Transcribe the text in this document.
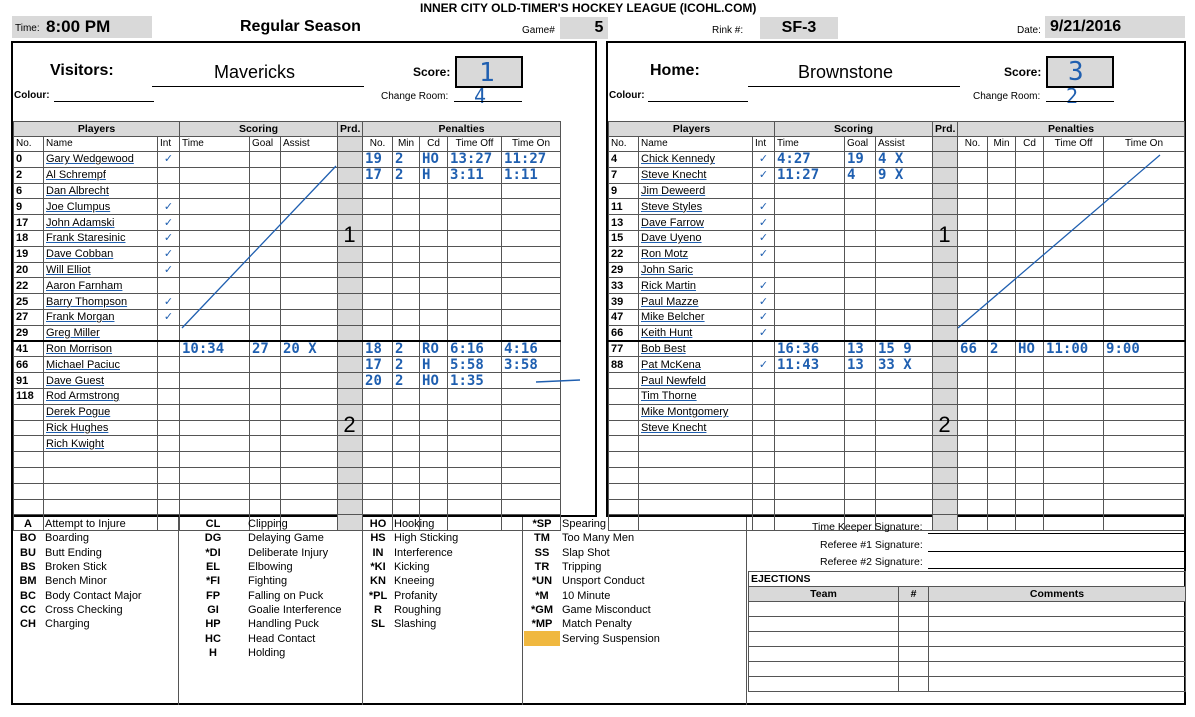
INNER CITY OLD-TIMER'S HOCKEY LEAGUE (ICOHL.COM)
Time: 8:00 PM	Regular Season	Game#	5	Rink #:	SF-3	Date: 9/21/2016
Visitors:	Mavericks
Colour:
Score: 1
Change Room: 4
Home:	Brownstone
Colour:
Score: 3
Change Room: 2
Players			Scoring			Prd.	Penalties				
No.	Name	Int	Time	Goal	Assist		No.	Min	Cd	Time Off	Time On
0	Gary Wedgewood	✓					19	2	HO	13:27	11:27
2	Al Schrempf						17	2	H	3:11	1:11
6	Dan Albrecht										
9	Joe Clumpus	✓									
17	John Adamski	✓									
18	Frank Staresinic	✓									
19	Dave Cobban	✓									
20	Will Elliot	✓									
22	Aaron Farnham										
25	Barry Thompson	✓									
27	Frank Morgan	✓									
29	Greg Miller										
41	Ron Morrison		10:34	27	20 X		18	2	RO	6:16	4:16
66	Michael Paciuc						17	2	H	5:58	3:58
91	Dave Guest						20	2	HO	1:35	
118	Rod Armstrong										
	Derek Pogue										
	Rick Hughes										
	Rich Kwight										

1
2
Players			Scoring			Prd.	Penalties				
No.	Name	Int	Time	Goal	Assist		No.	Min	Cd	Time Off	Time On
4	Chick Kennedy	✓	4:27	19	4 X						
7	Steve Knecht	✓	11:27	4	9 X						
9	Jim Deweerd										
11	Steve Styles	✓									
13	Dave Farrow	✓									
15	Dave Uyeno	✓									
22	Ron Motz	✓									
29	John Saric										
33	Rick Martin	✓									
39	Paul Mazze	✓									
47	Mike Belcher	✓									
66	Keith Hunt	✓									
77	Bob Best		16:36	13	15 9		66	2	HO	11:00	9:00
88	Pat McKena	✓	11:43	13	33 X						
	Paul Newfeld										
	Tim Thorne										
	Mike Montgomery										
	Steve Knecht										

1
2
A	Attempt to Injure
BO	Boarding
BU	Butt Ending
BS	Broken Stick
BM	Bench Minor
BC	Body Contact Major
CC	Cross Checking
CH	Charging
CL	Clipping
DG	Delaying Game
*DI	Deliberate Injury
EL	Elbowing
*FI	Fighting
FP	Falling on Puck
GI	Goalie Interference
HP	Handling Puck
HC	Head Contact
H	Holding
HO	Hooking
HS	High Sticking
IN	Interference
*KI	Kicking
KN	Kneeing
*PL	Profanity
R	Roughing
SL	Slashing
*SP	Spearing
TM	Too Many Men
SS	Slap Shot
TR	Tripping
*UN	Unsport Conduct
*M	10 Minute
*GM	Game Misconduct
*MP	Match Penalty
	Serving Suspension
Time Keeper Signature:
Referee #1 Signature:
Referee #2 Signature:
EJECTIONS		
Team	#	Comments
